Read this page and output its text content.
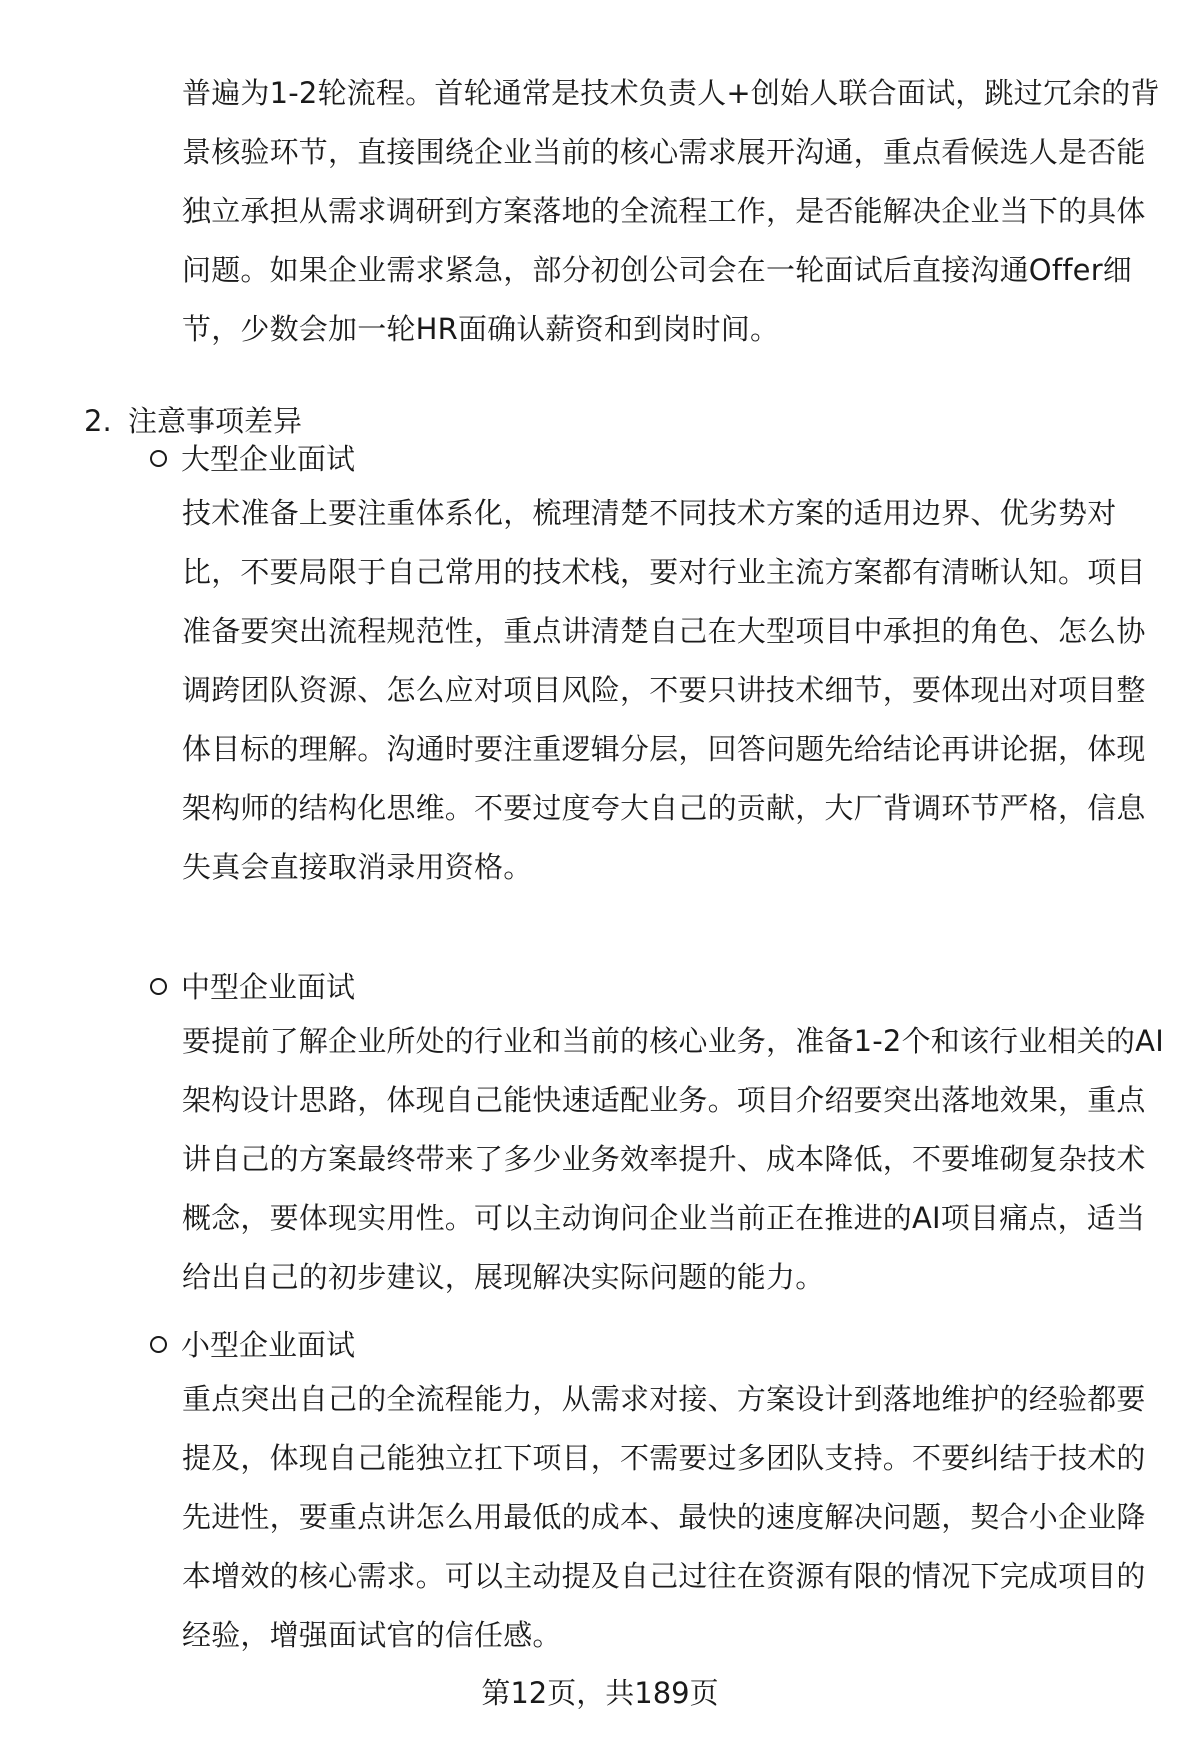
普遍为1-2轮流程。首轮通常是技术负责人+创始人联合面试，跳过冗余的背景核验环节，直接围绕企业当前的核心需求展开沟通，重点看候选人是否能独立承担从需求调研到方案落地的全流程工作，是否能解决企业当下的具体问题。如果企业需求紧急，部分初创公司会在一轮面试后直接沟通Offer细节，少数会加一轮HR面确认薪资和到岗时间。

2. 注意事项差异

大型企业面试

技术准备上要注重体系化，梳理清楚不同技术方案的适用边界、优劣势对比，不要局限于自己常用的技术栈，要对行业主流方案都有清晰认知。项目准备要突出流程规范性，重点讲清楚自己在大型项目中承担的角色、怎么协调跨团队资源、怎么应对项目风险，不要只讲技术细节，要体现出对项目整体目标的理解。沟通时要注重逻辑分层，回答问题先给结论再讲论据，体现架构师的结构化思维。不要过度夸大自己的贡献，大厂背调环节严格，信息失真会直接取消录用资格。

中型企业面试

要提前了解企业所处的行业和当前的核心业务，准备1-2个和该行业相关的AI架构设计思路，体现自己能快速适配业务。项目介绍要突出落地效果，重点讲自己的方案最终带来了多少业务效率提升、成本降低，不要堆砌复杂技术概念，要体现实用性。可以主动询问企业当前正在推进的AI项目痛点，适当给出自己的初步建议，展现解决实际问题的能力。

小型企业面试

重点突出自己的全流程能力，从需求对接、方案设计到落地维护的经验都要提及，体现自己能独立扛下项目，不需要过多团队支持。不要纠结于技术的先进性，要重点讲怎么用最低的成本、最快的速度解决问题，契合小企业降本增效的核心需求。可以主动提及自己过往在资源有限的情况下完成项目的经验，增强面试官的信任感。

第12页，共189页
